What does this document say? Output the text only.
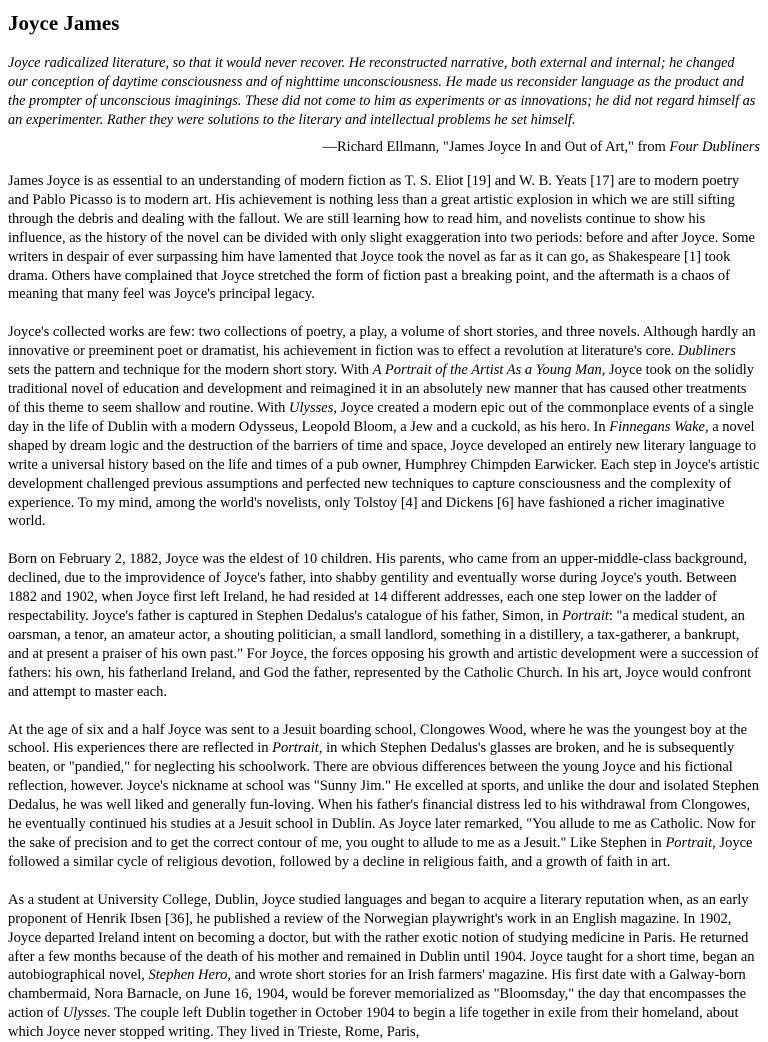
Joyce James

Joyce radicalized literature, so that it would never recover. He reconstructed narrative, both external and internal; he changed our conception of daytime consciousness and of nighttime unconsciousness. He made us reconsider language as the product and the prompter of unconscious imaginings. These did not come to him as experiments or as innovations; he did not regard himself as an experimenter. Rather they were solutions to the literary and intellectual problems he set himself.

—Richard Ellmann, "James Joyce In and Out of Art," from Four Dubliners

James Joyce is as essential to an understanding of modern fiction as T. S. Eliot [19] and W. B. Yeats [17] are to modern poetry and Pablo Picasso is to modern art. His achievement is nothing less than a great artistic explosion in which we are still sifting through the debris and dealing with the fallout. We are still learning how to read him, and novelists continue to show his influence, as the history of the novel can be divided with only slight exaggeration into two periods: before and after Joyce. Some writers in despair of ever surpassing him have lamented that Joyce took the novel as far as it can go, as Shakespeare [1] took drama. Others have complained that Joyce stretched the form of fiction past a breaking point, and the aftermath is a chaos of meaning that many feel was Joyce's principal legacy.

Joyce's collected works are few: two collections of poetry, a play, a volume of short stories, and three novels. Although hardly an innovative or preeminent poet or dramatist, his achievement in fiction was to effect a revolution at literature's core. Dubliners sets the pattern and technique for the modern short story. With A Portrait of the Artist As a Young Man, Joyce took on the solidly traditional novel of education and development and reimagined it in an absolutely new manner that has caused other treatments of this theme to seem shallow and routine. With Ulysses, Joyce created a modern epic out of the commonplace events of a single day in the life of Dublin with a modern Odysseus, Leopold Bloom, a Jew and a cuckold, as his hero. In Finnegans Wake, a novel shaped by dream logic and the destruction of the barriers of time and space, Joyce developed an entirely new literary language to write a universal history based on the life and times of a pub owner, Humphrey Chimpden Earwicker. Each step in Joyce's artistic development challenged previous assumptions and perfected new techniques to capture consciousness and the complexity of experience. To my mind, among the world's novelists, only Tolstoy [4] and Dickens [6] have fashioned a richer imaginative world.

Born on February 2, 1882, Joyce was the eldest of 10 children. His parents, who came from an upper-middle-class background, declined, due to the improvidence of Joyce's father, into shabby gentility and eventually worse during Joyce's youth. Between 1882 and 1902, when Joyce first left Ireland, he had resided at 14 different addresses, each one step lower on the ladder of respectability. Joyce's father is captured in Stephen Dedalus's catalogue of his father, Simon, in Portrait: "a medical student, an oarsman, a tenor, an amateur actor, a shouting politician, a small landlord, something in a distillery, a tax-gatherer, a bankrupt, and at present a praiser of his own past." For Joyce, the forces opposing his growth and artistic development were a succession of fathers: his own, his fatherland Ireland, and God the father, represented by the Catholic Church. In his art, Joyce would confront and attempt to master each.

At the age of six and a half Joyce was sent to a Jesuit boarding school, Clongowes Wood, where he was the youngest boy at the school. His experiences there are reflected in Portrait, in which Stephen Dedalus's glasses are broken, and he is subsequently beaten, or "pandied," for neglecting his schoolwork. There are obvious differences between the young Joyce and his fictional reflection, however. Joyce's nickname at school was "Sunny Jim." He excelled at sports, and unlike the dour and isolated Stephen Dedalus, he was well liked and generally fun-loving. When his father's financial distress led to his withdrawal from Clongowes, he eventually continued his studies at a Jesuit school in Dublin. As Joyce later remarked, "You allude to me as Catholic. Now for the sake of precision and to get the correct contour of me, you ought to allude to me as a Jesuit." Like Stephen in Portrait, Joyce followed a similar cycle of religious devotion, followed by a decline in religious faith, and a growth of faith in art.

As a student at University College, Dublin, Joyce studied languages and began to acquire a literary reputation when, as an early proponent of Henrik Ibsen [36], he published a review of the Norwegian playwright's work in an English magazine. In 1902, Joyce departed Ireland intent on becoming a doctor, but with the rather exotic notion of studying medicine in Paris. He returned after a few months because of the death of his mother and remained in Dublin until 1904. Joyce taught for a short time, began an autobiographical novel, Stephen Hero, and wrote short stories for an Irish farmers' magazine. His first date with a Galway-born chambermaid, Nora Barnacle, on June 16, 1904, would be forever memorialized as "Bloomsday," the day that encompasses the action of Ulysses. The couple left Dublin together in October 1904 to begin a life together in exile from their homeland, about which Joyce never stopped writing. They lived in Trieste, Rome, Paris,
